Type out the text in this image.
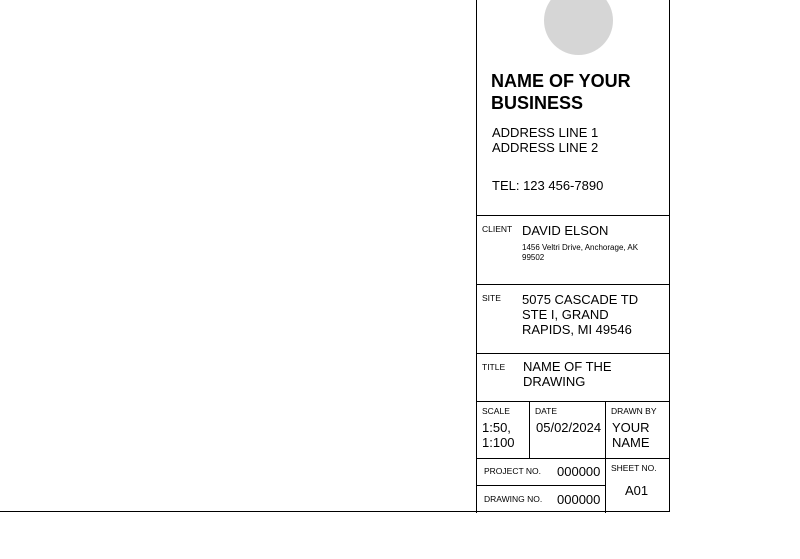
NAME OF YOUR BUSINESS
ADDRESS LINE 1
ADDRESS LINE 2
TEL: 123 456-7890
CLIENT DAVID ELSON
1456 Veltri Drive, Anchorage, AK 99502
SITE 5075 CASCADE TD STE I, GRAND RAPIDS, MI 49546
TITLE NAME OF THE DRAWING
SCALE
1:50, 1:100
DATE
05/02/2024
DRAWN BY
YOUR NAME
PROJECT NO. 000000
DRAWING NO. 000000
SHEET NO.
A01
